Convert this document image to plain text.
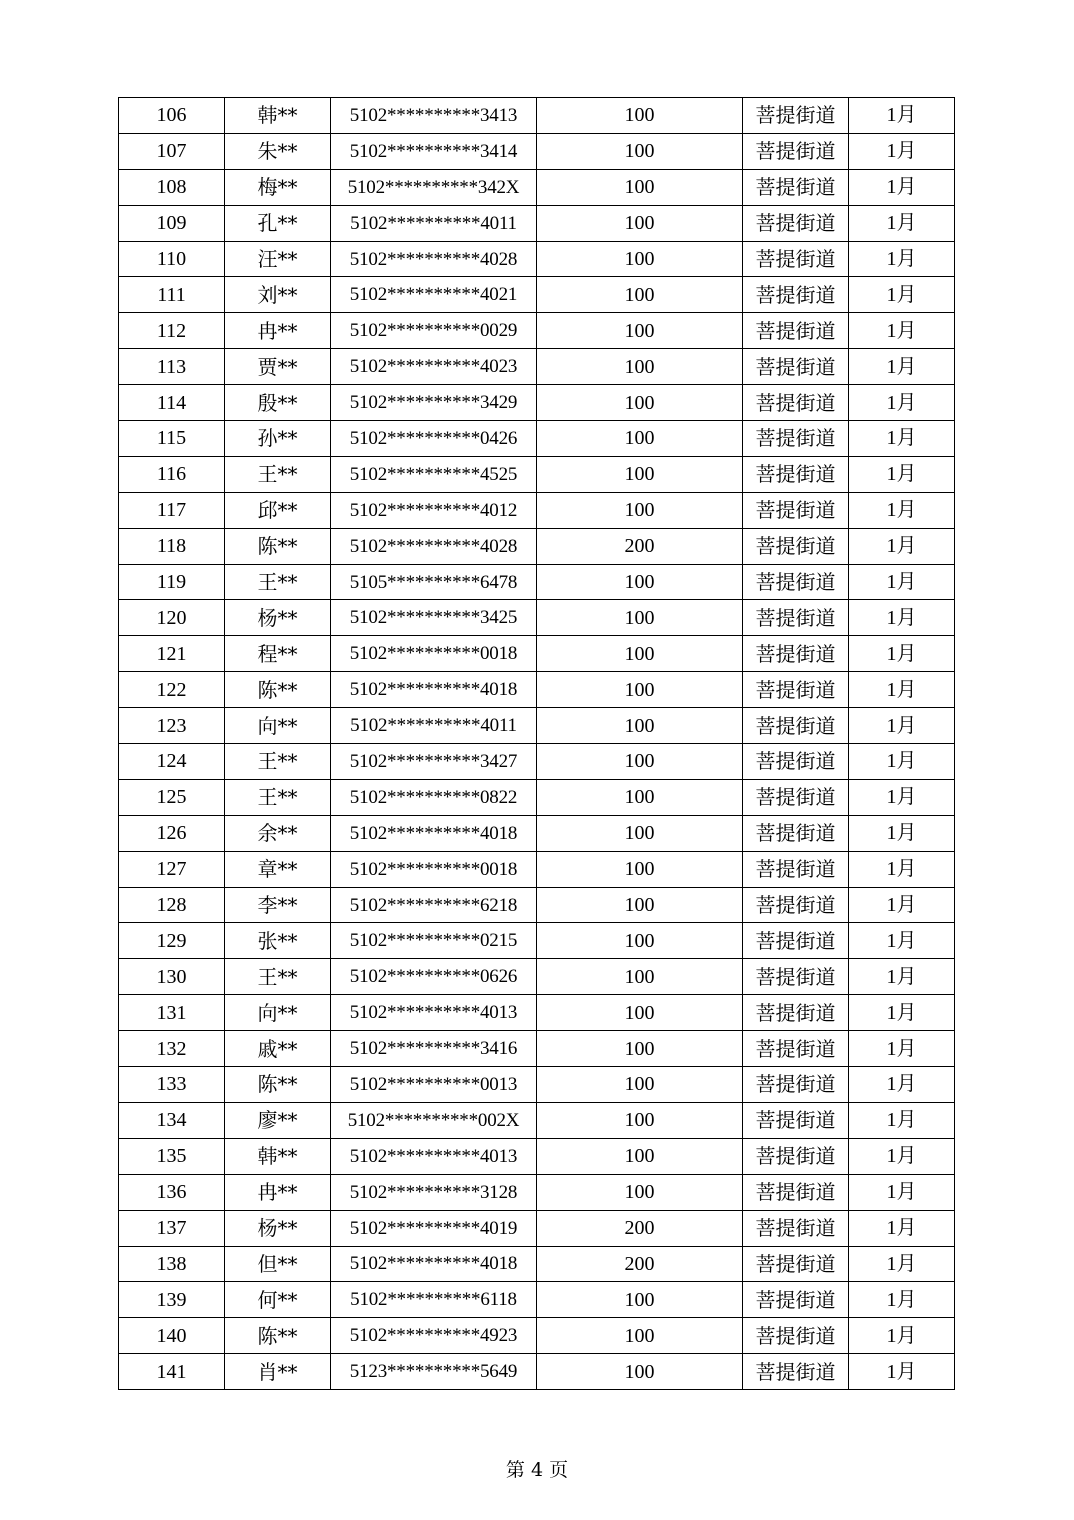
106	韩**	5102**********3413	100	菩提街道	1月
107	朱**	5102**********3414	100	菩提街道	1月
108	梅**	5102**********342X	100	菩提街道	1月
109	孔**	5102**********4011	100	菩提街道	1月
110	汪**	5102**********4028	100	菩提街道	1月
111	刘**	5102**********4021	100	菩提街道	1月
112	冉**	5102**********0029	100	菩提街道	1月
113	贾**	5102**********4023	100	菩提街道	1月
114	殷**	5102**********3429	100	菩提街道	1月
115	孙**	5102**********0426	100	菩提街道	1月
116	王**	5102**********4525	100	菩提街道	1月
117	邱**	5102**********4012	100	菩提街道	1月
118	陈**	5102**********4028	200	菩提街道	1月
119	王**	5105**********6478	100	菩提街道	1月
120	杨**	5102**********3425	100	菩提街道	1月
121	程**	5102**********0018	100	菩提街道	1月
122	陈**	5102**********4018	100	菩提街道	1月
123	向**	5102**********4011	100	菩提街道	1月
124	王**	5102**********3427	100	菩提街道	1月
125	王**	5102**********0822	100	菩提街道	1月
126	余**	5102**********4018	100	菩提街道	1月
127	章**	5102**********0018	100	菩提街道	1月
128	李**	5102**********6218	100	菩提街道	1月
129	张**	5102**********0215	100	菩提街道	1月
130	王**	5102**********0626	100	菩提街道	1月
131	向**	5102**********4013	100	菩提街道	1月
132	戚**	5102**********3416	100	菩提街道	1月
133	陈**	5102**********0013	100	菩提街道	1月
134	廖**	5102**********002X	100	菩提街道	1月
135	韩**	5102**********4013	100	菩提街道	1月
136	冉**	5102**********3128	100	菩提街道	1月
137	杨**	5102**********4019	200	菩提街道	1月
138	但**	5102**********4018	200	菩提街道	1月
139	何**	5102**********6118	100	菩提街道	1月
140	陈**	5102**********4923	100	菩提街道	1月
141	肖**	5123**********5649	100	菩提街道	1月
第 4 页
